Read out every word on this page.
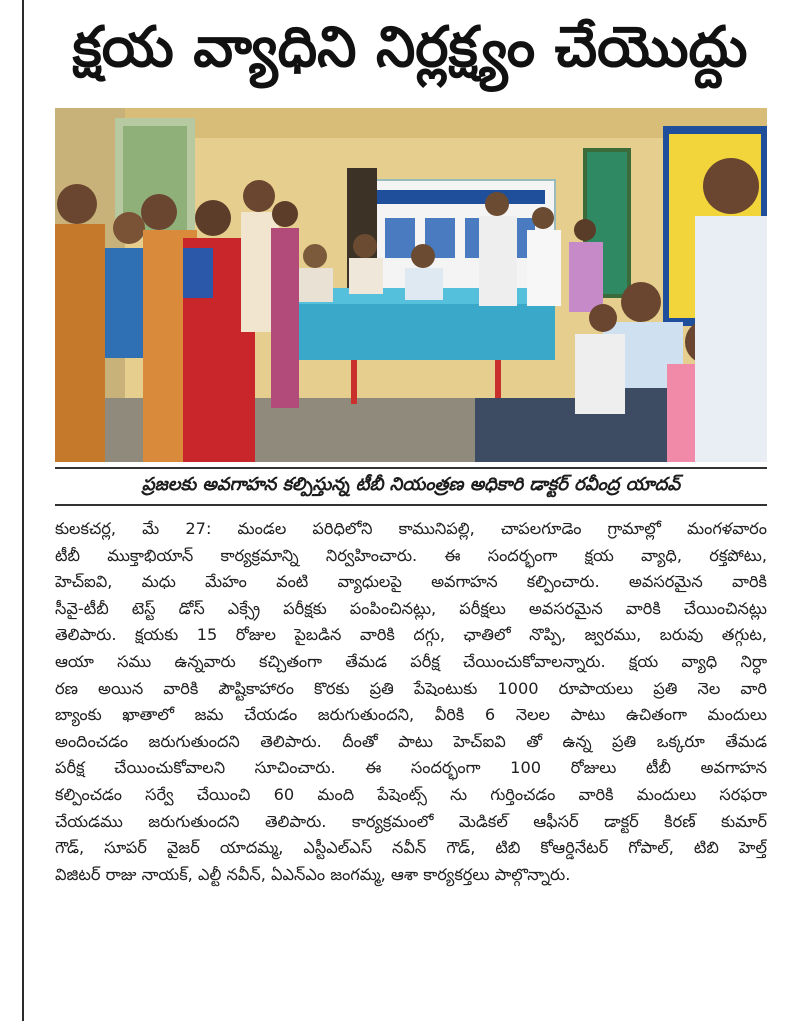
క్షయ వ్యాధిని నిర్లక్ష్యం చేయొద్దు

ప్రజలకు అవగాహన కల్పిస్తున్న టీబీ నియంత్రణ అధికారి డాక్టర్ రవీంద్ర యాదవ్

కులకచర్ల, మే 27: మండల పరిధిలోని కామునిపల్లి, చాపలగూడెం గ్రామాల్లో మంగళవారం

టీబీ ముక్తాభియాన్ కార్యక్రమాన్ని నిర్వహించారు. ఈ సందర్భంగా క్షయ వ్యాధి, రక్తపోటు,

హెచ్ఐవి, మధు మేహం వంటి వ్యాధులపై అవగాహన కల్పించారు. అవసరమైన వారికి

సీవై-టీబీ టెస్ట్ డోస్ ఎక్స్రే పరీక్షకు పంపించినట్లు, పరీక్షలు అవసరమైన వారికి చేయించినట్లు

తెలిపారు. క్షయకు 15 రోజుల పైబడిన వారికి దగ్గు, ఛాతిలో నొప్పి, జ్వరము, బరువు తగ్గుట,

ఆయా సము ఉన్నవారు కచ్చితంగా తేమడ పరీక్ష చేయించుకోవాలన్నారు. క్షయ వ్యాధి నిర్ధా

రణ అయిన వారికి పౌష్టికాహారం కొరకు ప్రతి పేషెంటుకు 1000 రూపాయలు ప్రతి నెల వారి

బ్యాంకు ఖాతాలో జమ చేయడం జరుగుతుందని, వీరికి 6 నెలల పాటు ఉచితంగా మందులు

అందించడం జరుగుతుందని తెలిపారు. దీంతో పాటు హెచ్ఐవి తో ఉన్న ప్రతి ఒక్కరూ తేమడ

పరీక్ష చేయించుకోవాలని సూచించారు. ఈ సందర్భంగా 100 రోజులు టీబీ అవగాహన

కల్పించడం సర్వే చేయించి 60 మంది పేషెంట్స్ ను గుర్తించడం వారికి మందులు సరఫరా

చేయడము జరుగుతుందని తెలిపారు. కార్యక్రమంలో మెడికల్ ఆఫీసర్ డాక్టర్ కిరణ్ కుమార్

గౌడ్, సూపర్ వైజర్ యాదమ్మ, ఎస్టీఎల్ఎస్ నవీన్ గౌడ్, టిబి కోఆర్డినేటర్ గోపాల్, టిబి హెల్త్

విజిటర్ రాజు నాయక్, ఎల్టీ నవీన్, ఏఎన్ఎం జంగమ్మ, ఆశా కార్యకర్తలు పాల్గొన్నారు.
